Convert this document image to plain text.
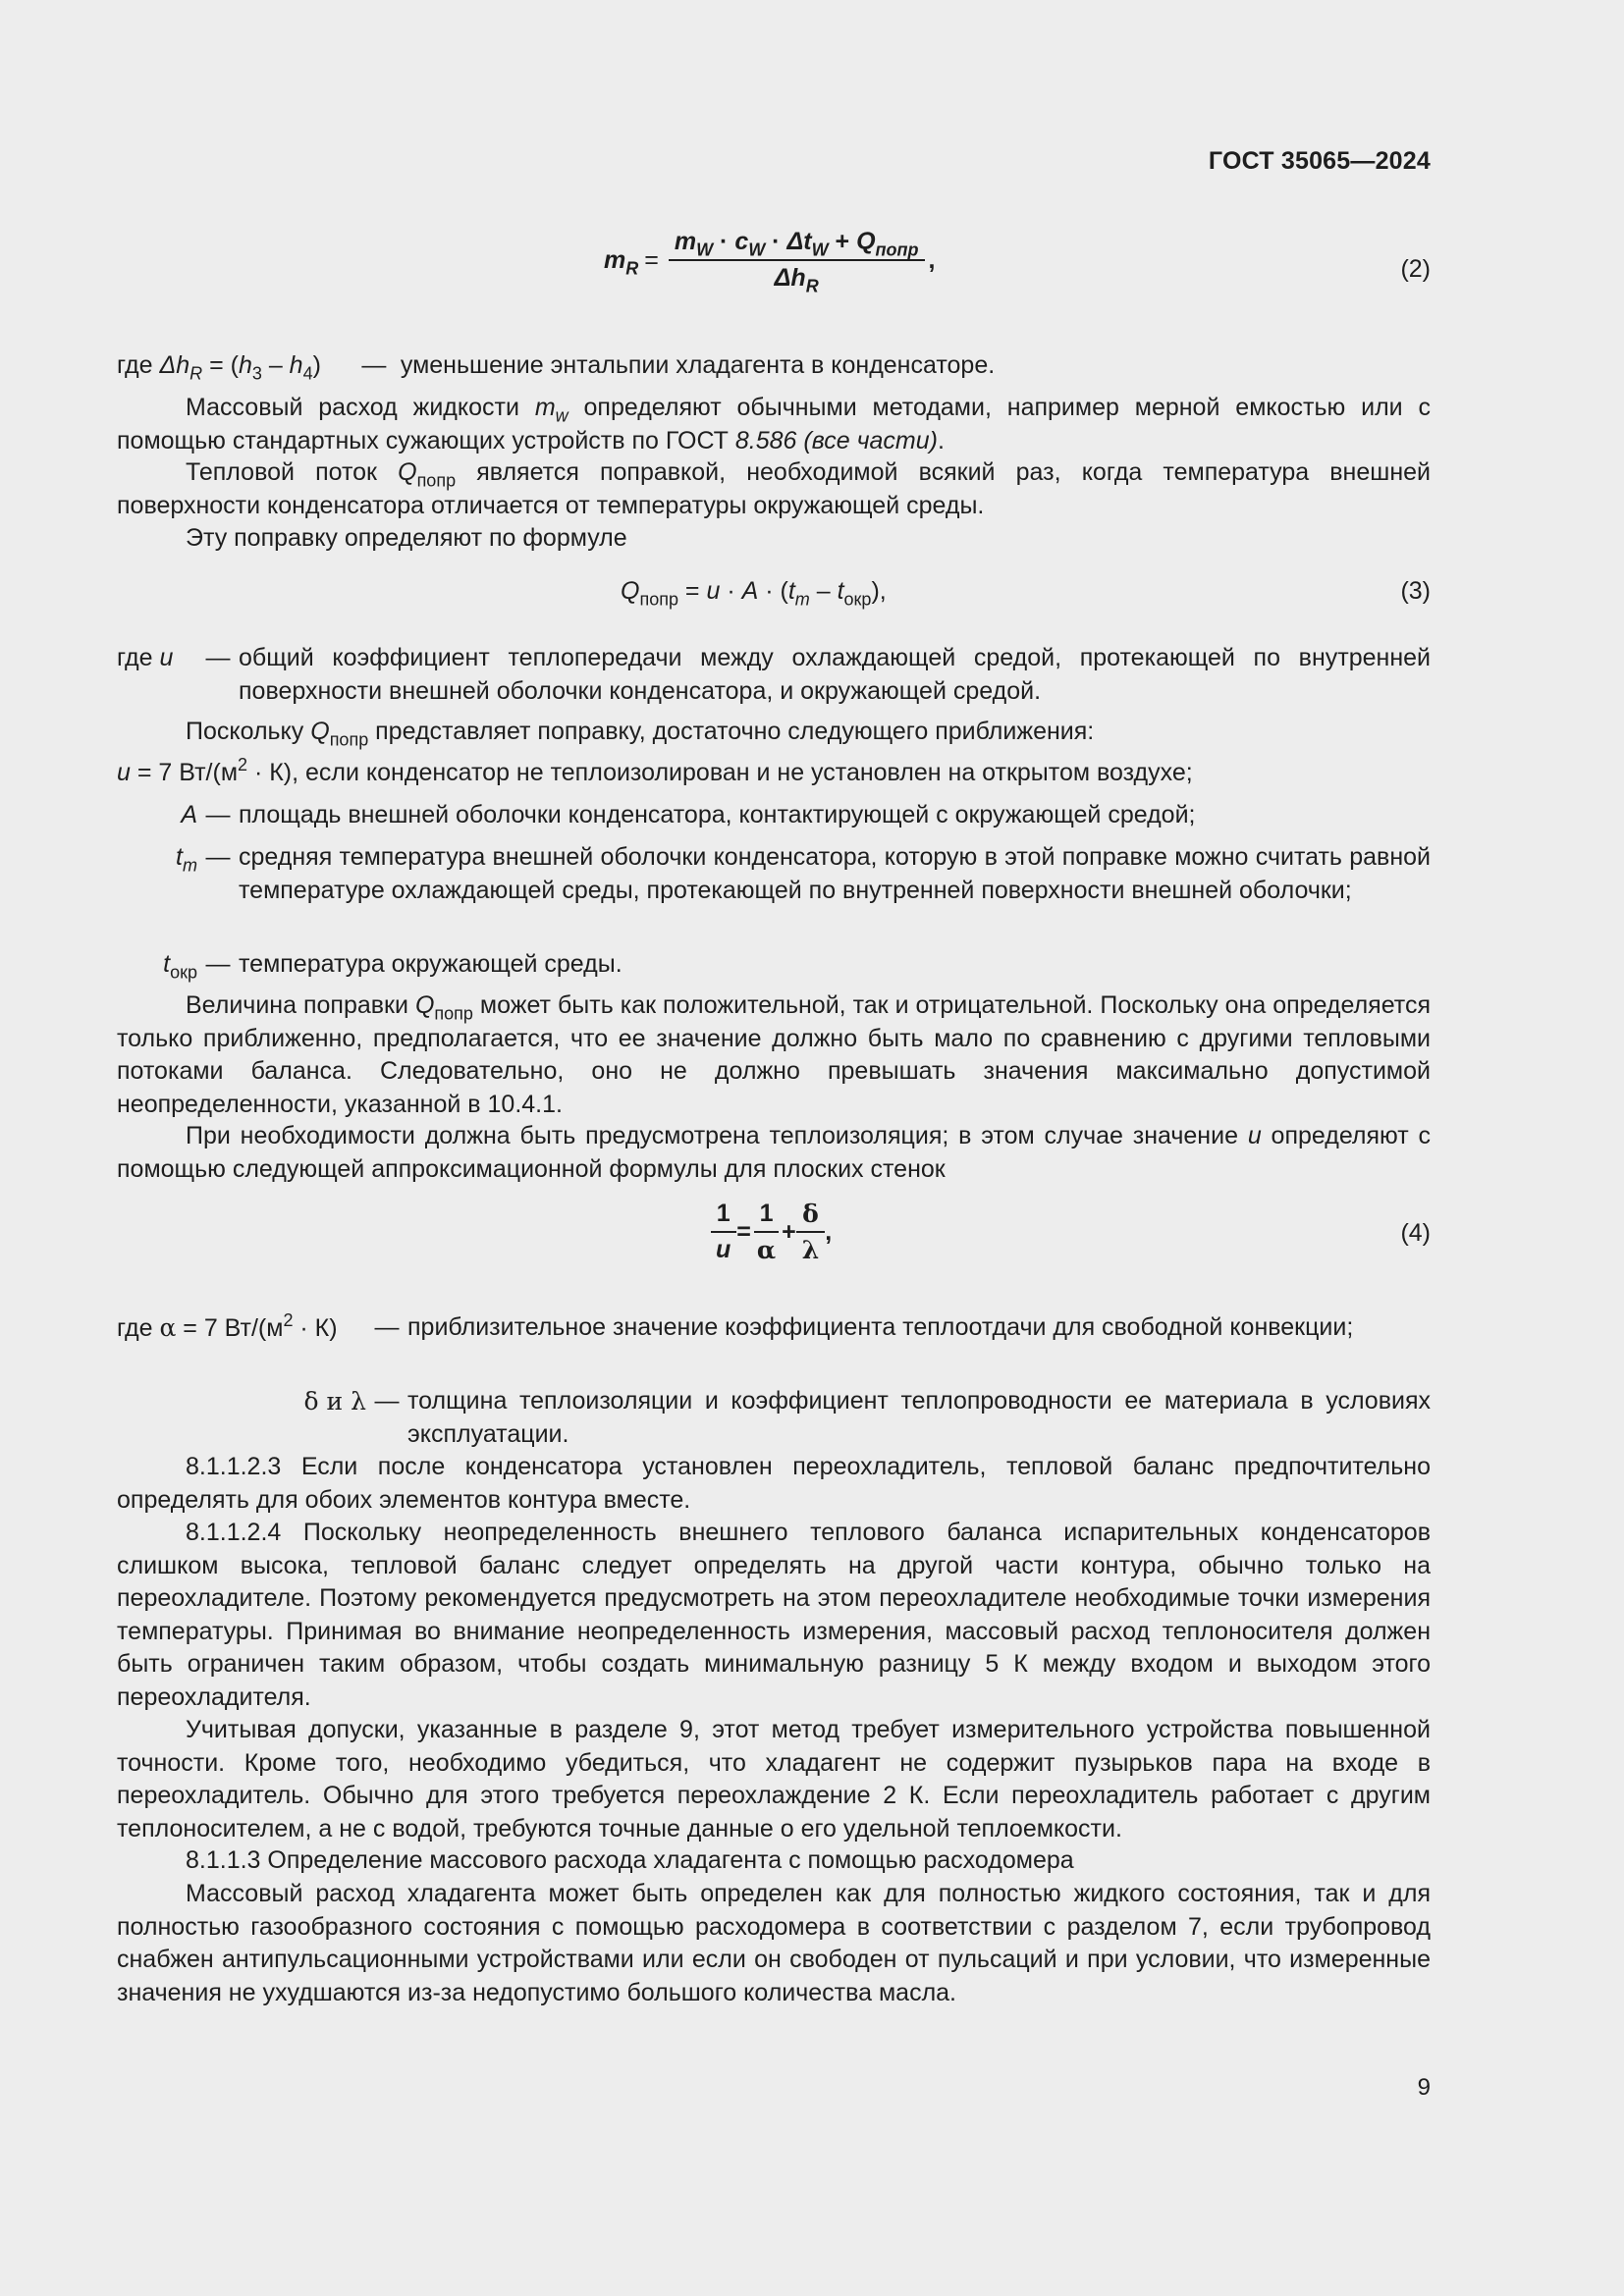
ГОСТ 35065—2024
$m_R$ =
$m_W \cdot c_W \cdot \Delta t_W + Q_{попр}$
$\Delta h_R$
,	(2)
где $\Delta h_R = (h_3 - h_4)$ — уменьшение энтальпии хладагента в конденсаторе.
Массовый расход жидкости $m_w$ определяют обычными методами, например мерной емкостью или с помощью стандартных сужающих устройств по ГОСТ 8.586 (все части).
Тепловой поток $Q_{попр}$ является поправкой, необходимой всякий раз, когда температура внешней поверхности конденсатора отличается от температуры окружающей среды.
Эту поправку определяют по формуле
$Q_{попр} = u \cdot A \cdot (t_m - t_{окр})$,	(3)
где u	— общий коэффициент теплопередачи между охлаждающей средой, протекающей по внутренней поверхности внешней оболочки конденсатора, и окружающей средой.
Поскольку $Q_{попр}$ представляет поправку, достаточно следующего приближения:
u = 7 $Вт/(м^2 \cdot К)$, если конденсатор не теплоизолирован и не установлен на открытом воздухе;
A — площадь внешней оболочки конденсатора, контактирующей с окружающей средой;
$t_m$ — средняя температура внешней оболочки конденсатора, которую в этой поправке можно считать равной температуре охлаждающей среды, протекающей по внутренней поверхности внешней оболочки;
$t_{окр}$ — температура окружающей среды.
Величина поправки $Q_{попр}$ может быть как положительной, так и отрицательной. Поскольку она определяется только приближенно, предполагается, что ее значение должно быть мало по сравнению с другими тепловыми потоками баланса. Следовательно, оно не должно превышать значения максимально допустимой неопределенности, указанной в 10.4.1.
При необходимости должна быть предусмотрена теплоизоляция; в этом случае значение u определяют с помощью следующей аппроксимационной формулы для плоских стенок
$\frac{1}{u} = \frac{1}{\alpha} + \frac{\delta}{\lambda}$ ,	(4)
где α = 7 $Вт/(м^2 \cdot К)$	— приблизительное значение коэффициента теплоотдачи для свободной конвекции;
δ и λ — толщина теплоизоляции и коэффициент теплопроводности ее материала в условиях эксплуатации.
8.1.1.2.3 Если после конденсатора установлен переохладитель, тепловой баланс предпочтительно определять для обоих элементов контура вместе.
8.1.1.2.4 Поскольку неопределенность внешнего теплового баланса испарительных конденсаторов слишком высока, тепловой баланс следует определять на другой части контура, обычно только на переохладителе. Поэтому рекомендуется предусмотреть на этом переохладителе необходимые точки измерения температуры. Принимая во внимание неопределенность измерения, массовый расход теплоносителя должен быть ограничен таким образом, чтобы создать минимальную разницу 5 К между входом и выходом этого переохладителя.
Учитывая допуски, указанные в разделе 9, этот метод требует измерительного устройства повышенной точности. Кроме того, необходимо убедиться, что хладагент не содержит пузырьков пара на входе в переохладитель. Обычно для этого требуется переохлаждение 2 К. Если переохладитель работает с другим теплоносителем, а не с водой, требуются точные данные о его удельной теплоемкости.
8.1.1.3 Определение массового расхода хладагента с помощью расходомера
Массовый расход хладагента может быть определен как для полностью жидкого состояния, так и для полностью газообразного состояния с помощью расходомера в соответствии с разделом 7, если трубопровод снабжен антипульсационными устройствами или если он свободен от пульсаций и при условии, что измеренные значения не ухудшаются из-за недопустимо большого количества масла.
9
